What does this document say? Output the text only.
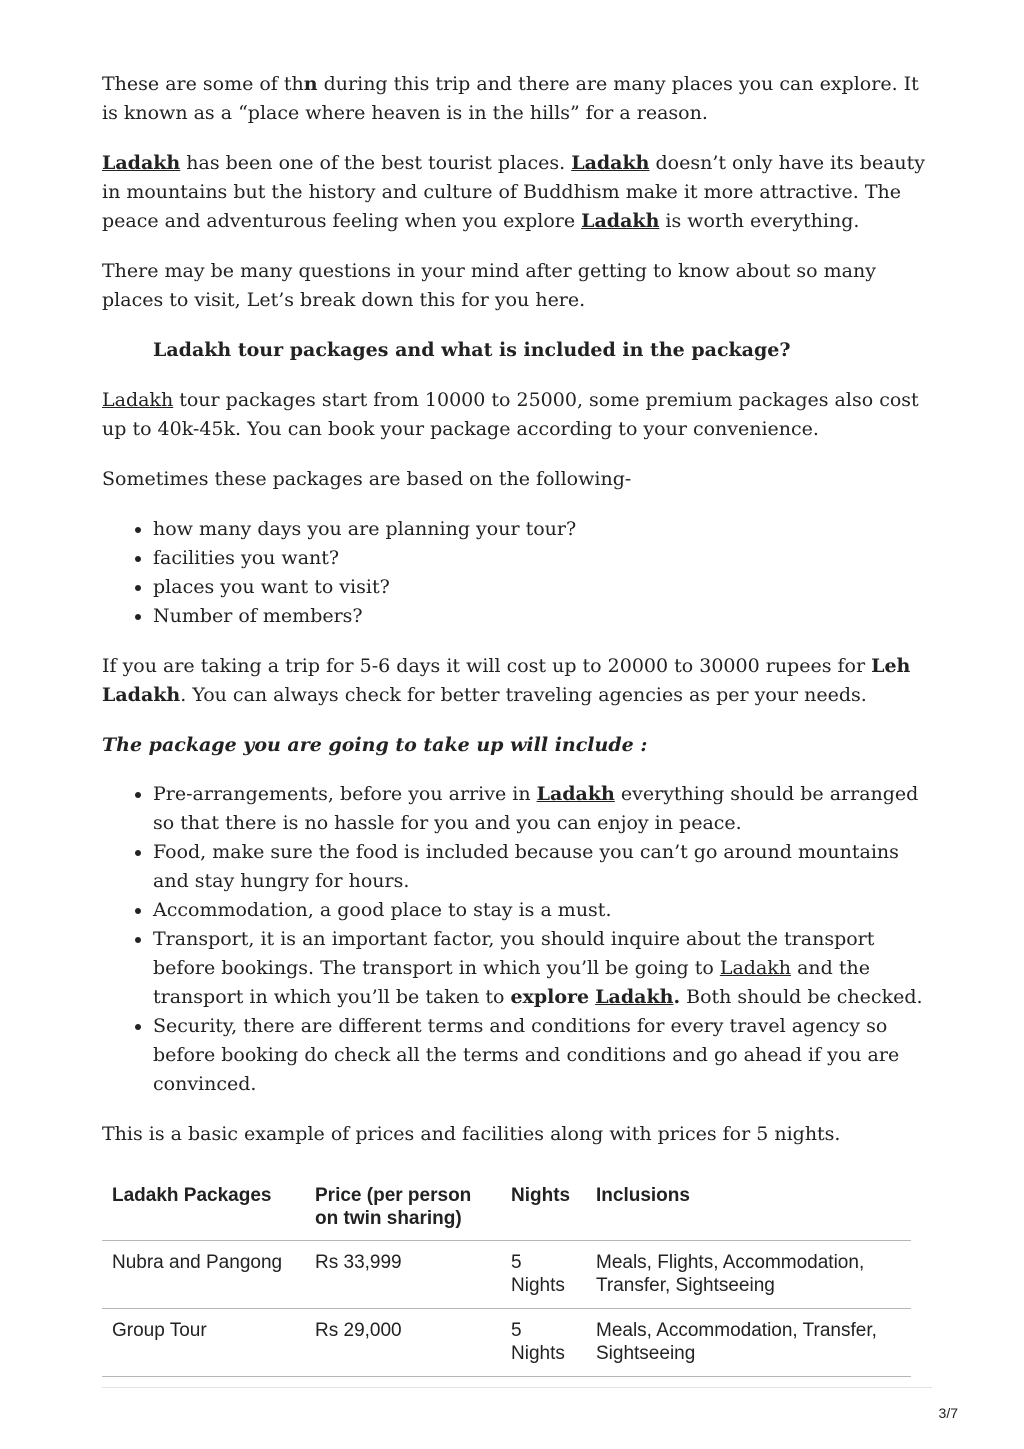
These are some of thn during this trip and there are many places you can explore. It is known as a “place where heaven is in the hills” for a reason.

Ladakh has been one of the best tourist places. Ladakh doesn’t only have its beauty in mountains but the history and culture of Buddhism make it more attractive. The peace and adventurous feeling when you explore Ladakh is worth everything.

There may be many questions in your mind after getting to know about so many places to visit, Let’s break down this for you here.

Ladakh tour packages and what is included in the package?

Ladakh tour packages start from 10000 to 25000, some premium packages also cost up to 40k-45k. You can book your package according to your convenience.

Sometimes these packages are based on the following-

• how many days you are planning your tour?
• facilities you want?
• places you want to visit?
• Number of members?

If you are taking a trip for 5-6 days it will cost up to 20000 to 30000 rupees for Leh Ladakh. You can always check for better traveling agencies as per your needs.

The package you are going to take up will include :
• Pre-arrangements, before you arrive in Ladakh everything should be arranged so that there is no hassle for you and you can enjoy in peace.
• Food, make sure the food is included because you can’t go around mountains and stay hungry for hours.
• Accommodation, a good place to stay is a must.
• Transport, it is an important factor, you should inquire about the transport before bookings. The transport in which you’ll be going to Ladakh and the transport in which you’ll be taken to explore Ladakh. Both should be checked.
• Security, there are different terms and conditions for every travel agency so before booking do check all the terms and conditions and go ahead if you are convinced.

This is a basic example of prices and facilities along with prices for 5 nights.

Ladakh Packages	Price (per person on twin sharing)	Nights	Inclusions
Nubra and Pangong	Rs 33,999	5 Nights	Meals, Flights, Accommodation, Transfer, Sightseeing
Group Tour	Rs 29,000	5 Nights	Meals, Accommodation, Transfer, Sightseeing
3/7
